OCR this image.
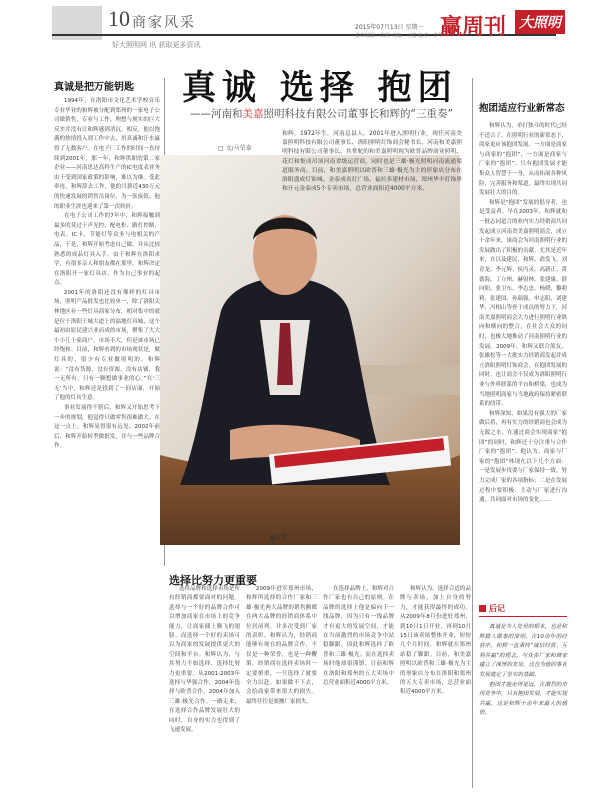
10 商家风采
好大照明网 讯 获取更多资讯
2015年07月13日 星期一
责任编辑：朱明 美编：王娜 校对：李华
赢周刊 大照明
真诚 选择 抱团
——河南和美嘉照明科技有限公司董事长和辉的“三重奏”
□ 文/马荣泰
真诚是把万能钥匙

1994年，在洛阳市文化艺术学校音乐专业毕业的和辉被分配到郑州的一家电子公司做销售，专业与工作、理想与现实的巨大反差并没有让和辉感到消沉，相反，他以饱满的热情投入到工作中去，用真诚和汗水赢得了无数客户。在电子厂工作的时间一直持续到2001年，那一年，和辉供职的第二家企业——河南思达高科生产的IC电度表业务由于受到国家政策的影响，难以为继。受此牵连，和辉辞去工作，他的月薪近430万元的快速发展的销售员岗位，为一张废纸。他的职业生涯也迎来了第一次转折。

在电子公司工作的7年中，和辉接触到最多的莫过于声光控、配电柜、路灯控制、电表、IC卡、节能灯等众多与电相关的产品，于是，和辉开始考虑自己做，并从比较熟悉的成品灯具入手。由于和辉在洛阳求学，有很多亲人和朋友都在那里，和辉决定在洛阳开一家灯具店，作为自己事业的起点。

2001年的洛阳还没有像样的灯具市场，照明产品批发也比较单一，除了洛阳关林地区有一些灯具商家分布，相对集中的就是位于洛阳王城大道上的福地灯具城，这个最初由原民建兴业而成的市场，聚集了大大小小几十家商户，市场不大，但是该市场已经饱和。目前，和辉看到的市场现状是，做灯具的，很少有专业做照明的。和辉说：“没有货源，没有资源，没有店铺，我一无所有，只有一颗想做事业的心。”在‘三无’当中，和辉还是找到了一间店面，开始了他的灯具生意。

事业发展得不错后，和辉又开始思考下一步的规划，他觉得只做零售很难做大。在这一点上，和辉显得很有远见。2002年前后，和辉开始转型做批发，并与一些品牌合作。

▲和辉
和辉，1972年生，河南息县人，2001年进入照明行业，现任河南美嘉照明科技有限公司董事长、洛阳照明灯饰商会秘书长、河南和美嘉照明科技有限公司董事长。其掌舵的和美嘉照明现为欧普品牌商业照明、花灯和集成吊顶河南省级运营商，同时也是三雄·极光照明河南流通渠道服务商。目前，和美嘉照明以欧普和三雄·极光为主的形象店分布在洛阳盛成灯饰城、金泰成名灯广场、福拉多建材市场、郑州华丰灯饰界和开元金泰成5个专卖市场，总营业面积近4000平方米。
抱团适应行业新常态

和辉认为，单打独斗的时代已经不适合了，在照明行业的新常态下，商家更应该抱团发展。一方面是商家与商家的“抱团”，一方面是商家与厂家的“抱团”。只有抱团发展才能集众人智慧于一身，从而拓展各种风险，完善服务和渠道，最终实现共同发展壮大的目的。

和辉是“抱团”发展的倡导者，也是受益者。早在2003年，和辉就和一批志同道合的业内实力经销商共同发起成立河南省美嘉照明商会，成立十余年来，该商会为河南照明行业的发展做出了积极的贡献。尤其是近年来，在以及建民、和辉、俞发飞、刘青龙、李元辉、侯丙灵、高新正、黄德海、丁立州、赫射林、张建康、薛向阳、张卫东、李志忠、杨晓、黎莉莉、张建国、孙瑞强、申志阳、刘建华、冯相山等骨干成员的努力下，河南美嘉照明商会大力进行照明行业纵向和横向的整合，在社会大众的同时，也极大地推动了河南照明行业的发展。2009年，和辉又联合熊友、张雄松等一大批实力经销商发起并成立洛阳照明灯饰商会，在抱团发展的同时，也让商会不仅成为洛阳照明行业与外界联系的平台和桥梁，也成为当地照明商家与当地政府保持紧密联系的纽带。

和辉深知，如果没有强大的厂家做后盾，再有实力的经销商也会成为无源之水。在通过商会实现商家“抱团”的同时，和辉还十分注重与合作厂家的“抱团”。他认为，商家与厂家的“抱团”体现在以下几个方面：一是发展步伐要与厂家保持一致，努力完成厂家的各项指标；二是在发展过程中要积极、主动与厂家进行沟通，共同面对市场的变化……

选择比努力更重要

选择品牌和选择卖场是所有经销商都要面对的问题。选择与一个好的品牌合作可以增加商家在市场上的竞争能力，让商家插上腾飞的翅膀。而选择一个好的卖场可以为商家的发展提供更大的空间和平台。和辉认为，与其努力不如选择，选择比努力更重要。从2001-2003年选择与华强合作，2004年选择与欧普合作，2004年加入三雄·极光合作。一路走来，在选择合作品牌发展壮大的同时，自身的实力也得到了飞速发展。

2009年进军郑州市场，和辉所选择的合作厂家和三雄·极光两大品牌的销售额都在两大品牌的经销商体系中位居前列。并多次受到厂家的表彰。和辉认为，经销商能够有现在的品牌合作，不仅是一种荣誉，也是一种鞭策。经销商在选择卖场时一定要慎重，一旦选择了就要全力以赴，如果做不下去，会给商家带来很大的损失。最终往往是要搬厂家损失。

在选择品牌上，和辉对合作厂家也有自己的原则。在品牌的选择上他是偏向于一线品牌，因为只有一线品牌才有更大的发展空间，才能在当前激烈的市场竞争中站稳脚跟，因此和辉选择了欧普和三雄·极光；而在选择卖场时他却很谨慎。目前和辉在洛阳和郑州的五大卖场中总营业面积近4000平方米。

和辉认为，选择合适的品牌与卖场，加上自身的努力，才能获得最终的成功。从2009年8月份进驻郑州，到10月1日开业，再到10月15日该卖场整体开业，短短几个月时间，和辉就在郑州站稳了脚跟。目前，和美嘉照明以欧普和三雄·极光为主的形象店分布在洛阳和郑州的五大专卖市场，总营业面积近4000平方米。

后记

真诚是为人处世的根本，也是和辉做人做事的准则。在10余年的经营中，和辉一直秉持“诚信经营、互利共赢”的理念，与众多厂家和商家建立了深厚的友谊，这也为他的事业发展奠定了坚实的基础。

抱团才能走得更远，在激烈的市场竞争中，只有抱团发展，才能实现共赢，这是和辉十余年来最大的感悟。
